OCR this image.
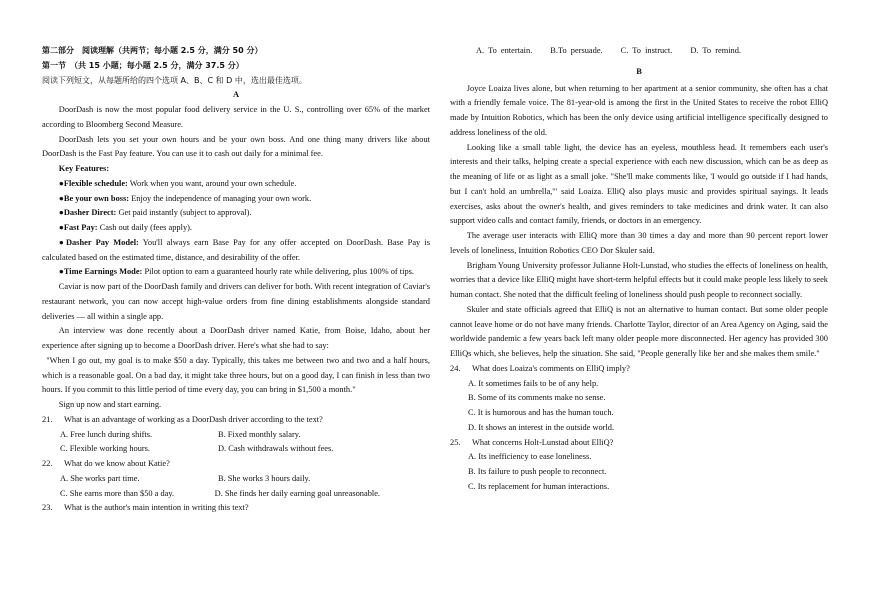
第二部分　阅读理解（共两节；每小题 2.5 分，满分 50 分）

第一节　（共 15 小题；每小题 2.5 分，满分 37.5 分）

阅读下列短文，从每题所给的四个选项 A、B、C 和 D 中，选出最佳选项。

A

DoorDash is now the most popular food delivery service in the U. S., controlling over 65% of the market according to Bloomberg Second Measure.

DoorDash lets you set your own hours and be your own boss. And one thing many drivers like about DoorDash is the Fast Pay feature. You can use it to cash out daily for a minimal fee.

Key Features:

●Flexible schedule: Work when you want, around your own schedule.

●Be your own boss: Enjoy the independence of managing your own work.

●Dasher Direct: Get paid instantly (subject to approval).

●Fast Pay: Cash out daily (fees apply).

●Dasher Pay Model: You'll always earn Base Pay for any offer accepted on DoorDash. Base Pay is calculated based on the estimated time, distance, and desirability of the offer.

●Time Earnings Mode: Pilot option to earn a guaranteed hourly rate while delivering, plus 100% of tips.

Caviar is now part of the DoorDash family and drivers can deliver for both. With recent integration of Caviar's restaurant network, you can now accept high-value orders from fine dining establishments alongside standard deliveries — all within a single app.

An interview was done recently about a DoorDash driver named Katie, from Boise, Idaho, about her experience after signing up to become a DoorDash driver. Here's what she had to say:

"When I go out, my goal is to make $50 a day. Typically, this takes me between two and two and a half hours, which is a reasonable goal. On a bad day, it might take three hours, but on a good day, I can finish in less than two hours. If you commit to this little period of time every day, you can bring in $1,500 a month."

Sign up now and start earning.

21. What is an advantage of working as a DoorDash driver according to the text?

A. Free lunch during shifts.	B. Fixed monthly salary.
C. Flexible working hours.	D. Cash withdrawals without fees.

22. What do we know about Katie?

A. She works part time.	B. She works 3 hours daily.
C. She earns more than $50 a day.	D. She finds her daily earning goal unreasonable.

23. What is the author's main intention in writing this text?

A. To entertain. B.To persuade. C. To instruct. D. To remind.

B

Joyce Loaiza lives alone, but when returning to her apartment at a senior community, she often has a chat with a friendly female voice. The 81-year-old is among the first in the United States to receive the robot ElliQ made by Intuition Robotics, which has been the only device using artificial intelligence specifically designed to address loneliness of the old.

Looking like a small table light, the device has an eyeless, mouthless head. It remembers each user's interests and their talks, helping create a special experience with each new discussion, which can be as deep as the meaning of life or as light as a small joke. "She'll make comments like, 'I would go outside if I had hands, but I can't hold an umbrella,'" said Loaiza. ElliQ also plays music and provides spiritual sayings. It leads exercises, asks about the owner's health, and gives reminders to take medicines and drink water. It can also support video calls and contact family, friends, or doctors in an emergency.

The average user interacts with ElliQ more than 30 times a day and more than 90 percent report lower levels of loneliness, Intuition Robotics CEO Dor Skuler said.

Brigham Young University professor Julianne Holt-Lunstad, who studies the effects of loneliness on health, worries that a device like ElliQ might have short-term helpful effects but it could make people less likely to seek human contact. She noted that the difficult feeling of loneliness should push people to reconnect socially.

Skuler and state officials agreed that ElliQ is not an alternative to human contact. But some older people cannot leave home or do not have many friends. Charlotte Taylor, director of an Area Agency on Aging, said the worldwide pandemic a few years back left many older people more disconnected. Her agency has provided 300 ElliQs which, she believes, help the situation. She said, "People generally like her and she makes them smile."

24. What does Loaiza's comments on ElliQ imply?

A. It sometimes fails to be of any help.

B. Some of its comments make no sense.

C. It is humorous and has the human touch.

D. It shows an interest in the outside world.

25. What concerns Holt-Lunstad about ElliQ?

A. Its inefficiency to ease loneliness.

B. Its failure to push people to reconnect.

C. Its replacement for human interactions.
